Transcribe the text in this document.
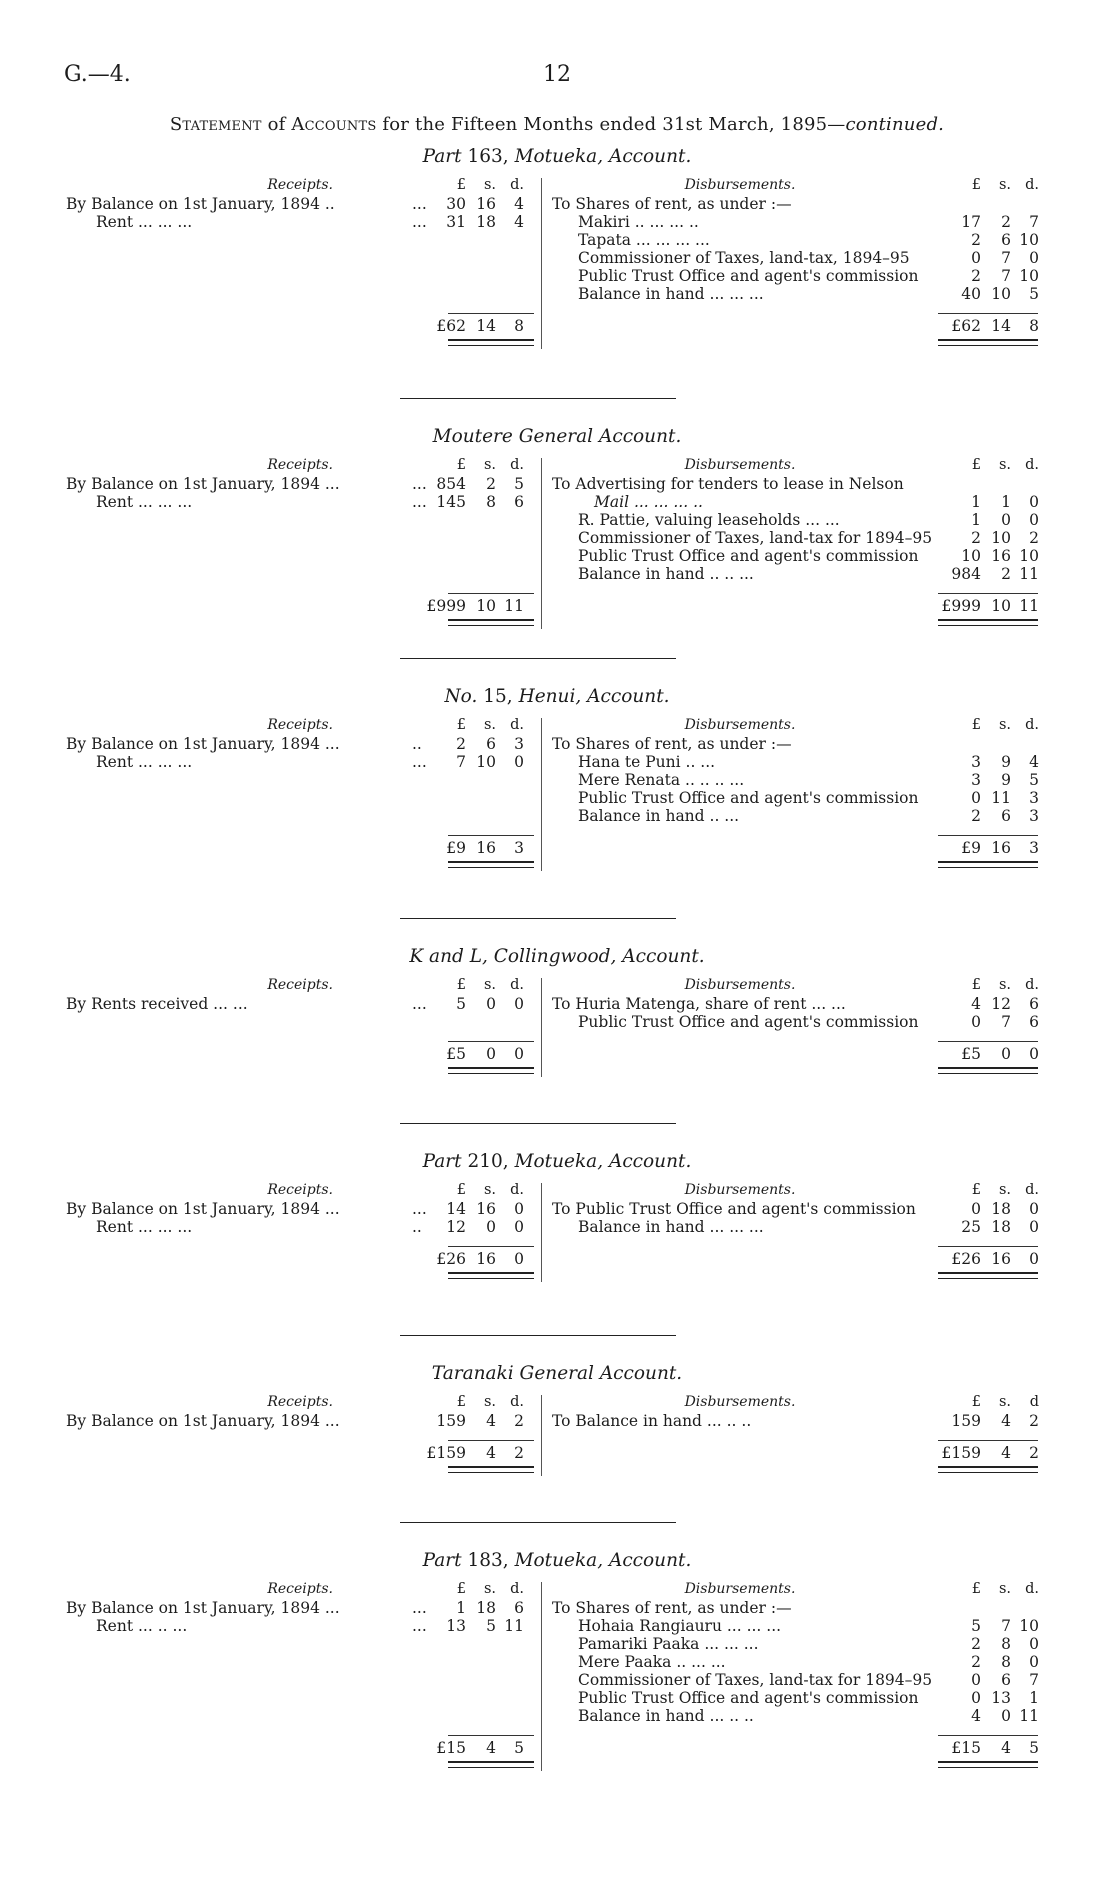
G.—4.	12
Statement of Accounts for the Fifteen Months ended 31st March, 1895—continued.
Part 163, Motueka, Account.
Receipts.	Disbursements.
£ s. d.	£ s. d.
By Balance on 1st January, 1894 ..	...	30 16 4
Rent ... ... ...	...	31 18 4
To Shares of rent, as under :—
Makiri .. ... ... ..	17 2 7
Tapata ... ... ... ...	2 6 10
Commissioner of Taxes, land-tax, 1894–95	0 7 0
Public Trust Office and agent's commission	2 7 10
Balance in hand ... ... ...	40 10 5
£62 14 8	£62 14 8
Moutere General Account.
Receipts.	Disbursements.
£ s. d.	£ s. d.
By Balance on 1st January, 1894 ...	... 854 2 5
Rent ... ... ...	... 145 8 6
To Advertising for tenders to lease in Nelson
Mail ... ... ... ..	1 1 0
R. Pattie, valuing leaseholds ... ...	1 0 0
Commissioner of Taxes, land-tax for 1894–95	2 10 2
Public Trust Office and agent's commission	10 16 10
Balance in hand .. .. ...	984 2 11
£999 10 11	£999 10 11
No. 15, Henui, Account.
Receipts.	Disbursements.
£ s. d.	£ s. d.
By Balance on 1st January, 1894 ...	..	2 6 3
Rent ... ... ...	...	7 10 0
To Shares of rent, as under :—
Hana te Puni .. ...	3 9 4
Mere Renata .. .. .. ...	3 9 5
Public Trust Office and agent's commission	0 11 3
Balance in hand .. ...	2 6 3
£9 16 3	£9 16 3
K and L, Collingwood, Account.
Receipts.	Disbursements.
£ s. d.	£ s. d.
By Rents received ... ...	...	5 0 0 To Huria Matenga, share of rent ... ...	4 12 6
Public Trust Office and agent's commission	0 7 6
£5 0 0	£5 0 0
Part 210, Motueka, Account.
Receipts.	Disbursements.
£ s. d.	£ s. d.
By Balance on 1st January, 1894 ...	...	14 16 0
Rent ... ... ...	..	12 0 0
To Public Trust Office and agent's commission	0 18 0
Balance in hand ... ... ...	25 18 0
£26 16 0	£26 16 0
Taranaki General Account.
Receipts.	Disbursements.
£ s. d.	£ s. d
By Balance on 1st January, 1894 ...	159 4 2 To Balance in hand ... .. ..	159 4 2
£159 4 2	£159 4 2
Part 183, Motueka, Account.
Receipts.	Disbursements.
£ s. d.	£ s. d.
By Balance on 1st January, 1894 ...	...	1 18 6
Rent ... .. ...	...	13 5 11
To Shares of rent, as under :—
Hohaia Rangiauru ... ... ...	5 7 10
Pamariki Paaka ... ... ...	2 8 0
Mere Paaka .. ... ...	2 8 0
Commissioner of Taxes, land-tax for 1894–95	0 6 7
Public Trust Office and agent's commission	0 13 1
Balance in hand ... .. ..	4 0 11
£15 4 5	£15 4 5
